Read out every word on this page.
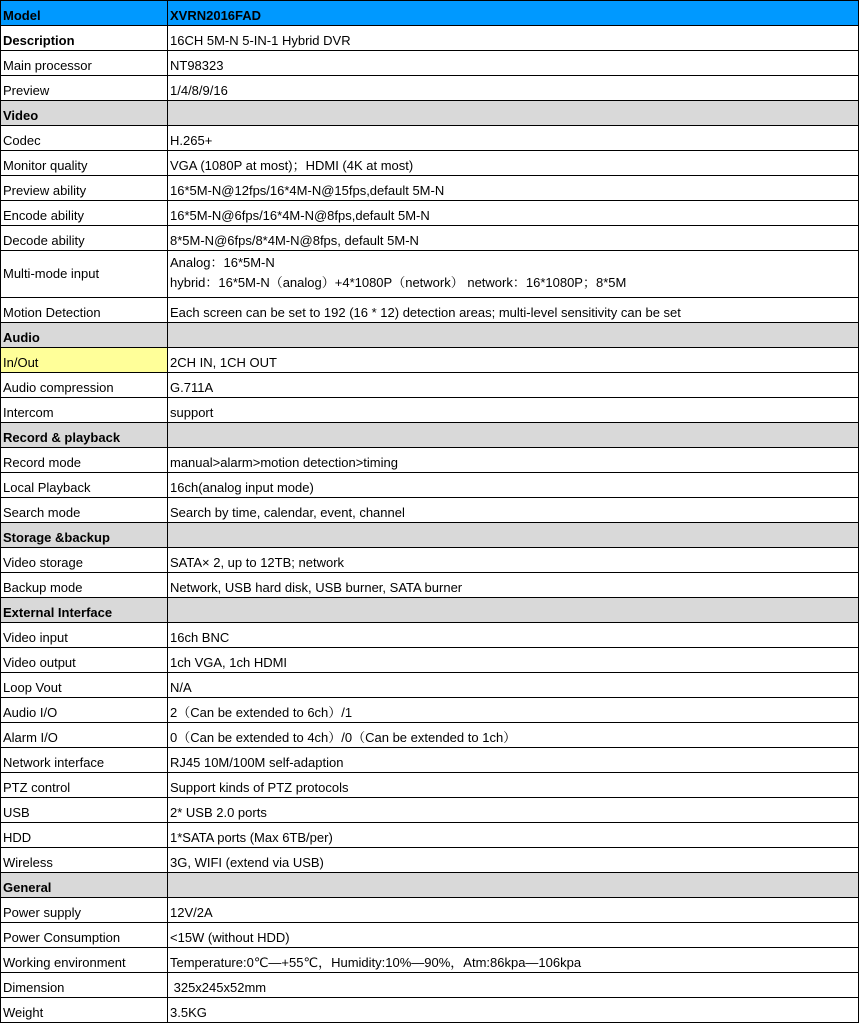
Model	XVRN2016FAD
Description	16CH 5M-N 5-IN-1 Hybrid DVR
Main processor	NT98323
Preview	1/4/8/9/16
Video	
Codec	H.265+
Monitor quality	VGA (1080P at most)；HDMI (4K at most)
Preview ability	16*5M-N@12fps/16*4M-N@15fps,default 5M-N
Encode ability	16*5M-N@6fps/16*4M-N@8fps,default 5M-N
Decode ability	8*5M-N@6fps/8*4M-N@8fps, default 5M-N
Multi-mode input	Analog：16*5M-N
hybrid：16*5M-N（analog）+4*1080P（network） network：16*1080P；8*5M

Motion Detection	Each screen can be set to 192 (16 * 12) detection areas; multi-level sensitivity can be set
Audio	
In/Out	2CH IN, 1CH OUT
Audio compression	G.711A
Intercom	support
Record & playback	
Record mode	manual>alarm>motion detection>timing
Local Playback	16ch(analog input mode)
Search mode	Search by time, calendar, event, channel
Storage &backup	
Video storage	SATA× 2, up to 12TB; network
Backup mode	Network, USB hard disk, USB burner, SATA burner
External Interface	
Video input	16ch BNC
Video output	1ch VGA, 1ch HDMI
Loop Vout	N/A
Audio I/O	2（Can be extended to 6ch）/1
Alarm I/O	0（Can be extended to 4ch）/0（Can be extended to 1ch）
Network interface	RJ45 10M/100M self-adaption
PTZ control	Support kinds of PTZ protocols
USB	2* USB 2.0 ports
HDD	1*SATA ports (Max 6TB/per)
Wireless	3G, WIFI (extend via USB)
General	
Power supply	12V/2A
Power Consumption	<15W (without HDD)
Working environment	Temperature:0℃—+55℃，Humidity:10%—90%，Atm:86kpa—106kpa
Dimension	325x245x52mm
Weight	3.5KG
